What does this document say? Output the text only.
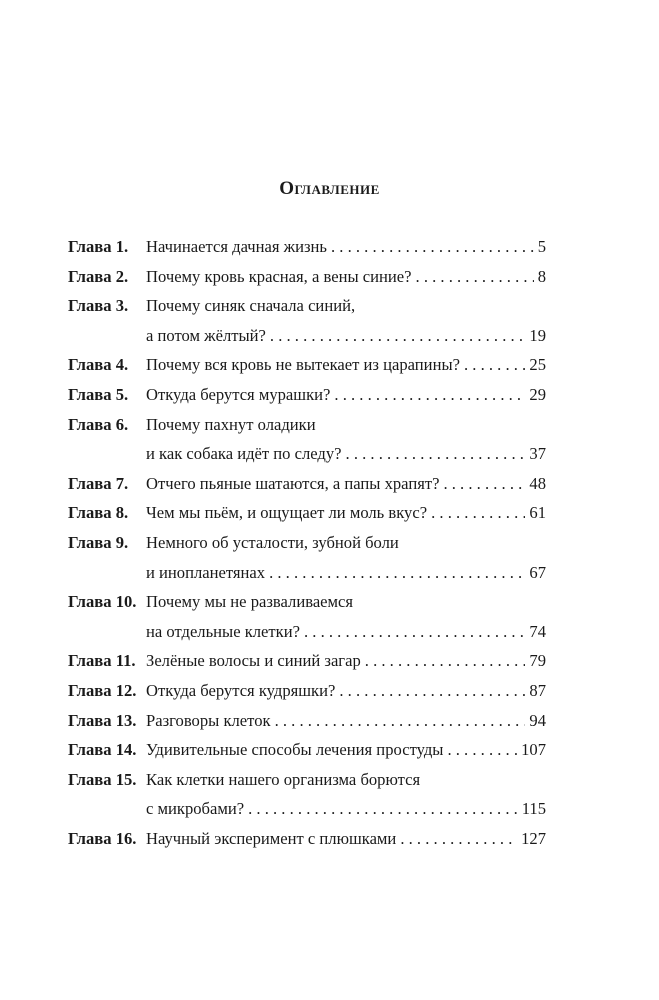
Оглавление
Глава 1.	Начинается дачная жизнь . . .	5
Глава 2.	Почему кровь красная, а вены синие? . . .	8
Глава 3.	Почему синяк сначала синий,
а потом жёлтый? . . .	19
Глава 4.	Почему вся кровь не вытекает из царапины? . . .	25
Глава 5.	Откуда берутся мурашки? . . .	29
Глава 6.	Почему пахнут оладики
и как собака идёт по следу? . . .	37
Глава 7.	Отчего пьяные шатаются, а папы храпят? . . .	48
Глава 8.	Чем мы пьём, и ощущает ли моль вкус? . . .	61
Глава 9.	Немного об усталости, зубной боли
и инопланетянах . . .	67
Глава 10. Почему мы не разваливаемся
на отдельные клетки? . . .	74
Глава 11. Зелёные волосы и синий загар . . .	79
Глава 12. Откуда берутся кудряшки? . . .	87
Глава 13. Разговоры клеток . . .	94
Глава 14. Удивительные способы лечения простуды . . .	107
Глава 15. Как клетки нашего организма борются
с микробами? . . .	115
Глава 16. Научный эксперимент с плюшками . . .	127
